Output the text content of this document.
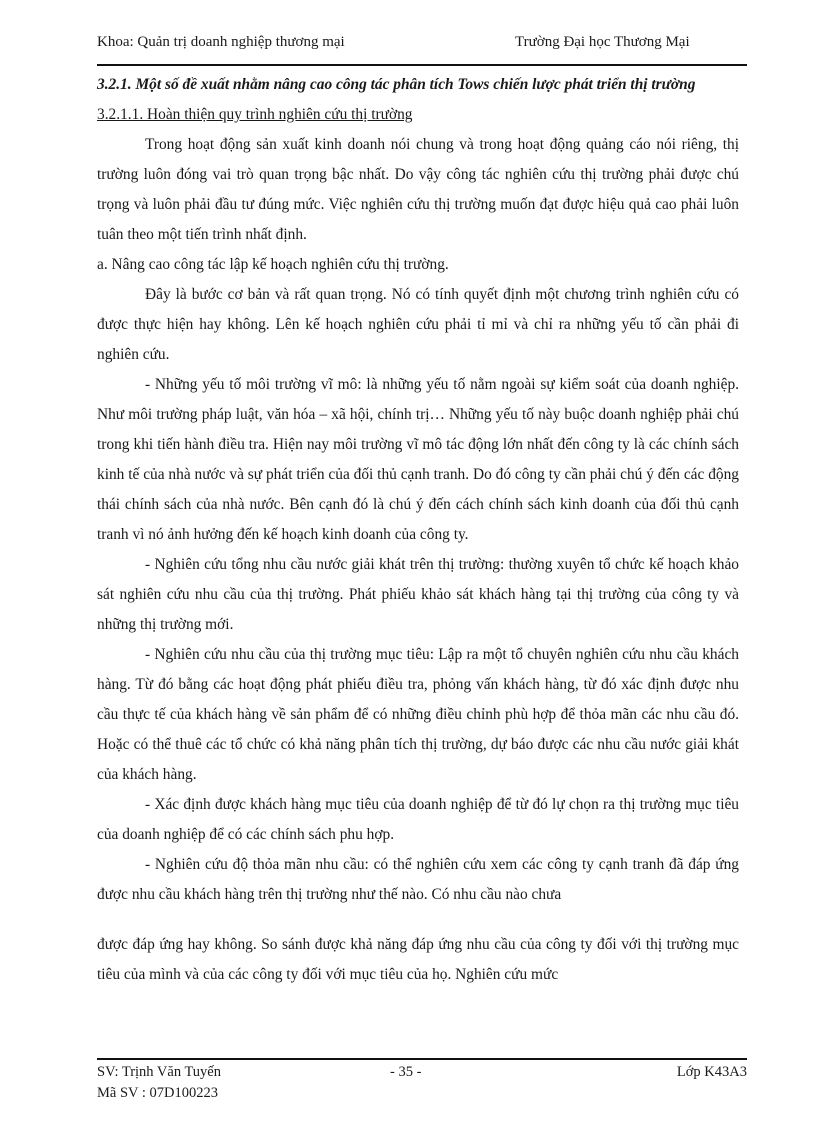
Khoa: Quản trị doanh nghiệp thương mại	Trường Đại học Thương Mại

3.2.1. Một số đề xuất nhằm nâng cao công tác phân tích Tows chiến lược phát triển thị trường

3.2.1.1. Hoàn thiện quy trình nghiên cứu thị trường

Trong hoạt động sản xuất kinh doanh nói chung và trong hoạt động quảng cáo nói riêng, thị trường luôn đóng vai trò quan trọng bậc nhất. Do vậy công tác nghiên cứu thị trường phải được chú trọng và luôn phải đầu tư đúng mức. Việc nghiên cứu thị trường muốn đạt được hiệu quả cao phải luôn tuân theo một tiến trình nhất định.

a. Nâng cao công tác lập kế hoạch nghiên cứu thị trường.

Đây là bước cơ bản và rất quan trọng. Nó có tính quyết định một chương trình nghiên cứu có được thực hiện hay không. Lên kế hoạch nghiên cứu phải tỉ mỉ và chỉ ra những yếu tố cần phải đi nghiên cứu.

- Những yếu tố môi trường vĩ mô: là những yếu tố nằm ngoài sự kiểm soát của doanh nghiệp. Như môi trường pháp luật, văn hóa – xã hội, chính trị… Những yếu tố này buộc doanh nghiệp phải chú trong khi tiến hành điều tra. Hiện nay môi trường vĩ mô tác động lớn nhất đến công ty là các chính sách kinh tế của nhà nước và sự phát triển của đối thủ cạnh tranh. Do đó công ty cần phải chú ý đến các động thái chính sách của nhà nước. Bên cạnh đó là chú ý đến cách chính sách kinh doanh của đối thủ cạnh tranh vì nó ảnh hưởng đến kế hoạch kinh doanh của công ty.

- Nghiên cứu tổng nhu cầu nước giải khát trên thị trường: thường xuyên tổ chức kế hoạch khảo sát nghiên cứu nhu cầu của thị trường. Phát phiếu khảo sát khách hàng tại thị trường của công ty và những thị trường mới.

- Nghiên cứu nhu cầu của thị trường mục tiêu: Lập ra một tổ chuyên nghiên cứu nhu cầu khách hàng. Từ đó bằng các hoạt động phát phiếu điều tra, phỏng vấn khách hàng, từ đó xác định được nhu cầu thực tế của khách hàng về sản phẩm để có những điều chỉnh phù hợp để thỏa mãn các nhu cầu đó. Hoặc có thể thuê các tổ chức có khả năng phân tích thị trường, dự báo được các nhu cầu nước giải khát của khách hàng.

- Xác định được khách hàng mục tiêu của doanh nghiệp để từ đó lự chọn ra thị trường mục tiêu của doanh nghiệp để có các chính sách phu hợp.

- Nghiên cứu độ thỏa mãn nhu cầu: có thể nghiên cứu xem các công ty cạnh tranh đã đáp ứng được nhu cầu khách hàng trên thị trường như thế nào. Có nhu cầu nào chưa

được đáp ứng hay không. So sánh được khả năng đáp ứng nhu cầu của công ty đối với thị trường mục tiêu của mình và của các công ty đối với mục tiêu của họ. Nghiên cứu mức

SV: Trịnh Văn Tuyến	- 35 -	Lớp K43A3
Mã SV : 07D100223
